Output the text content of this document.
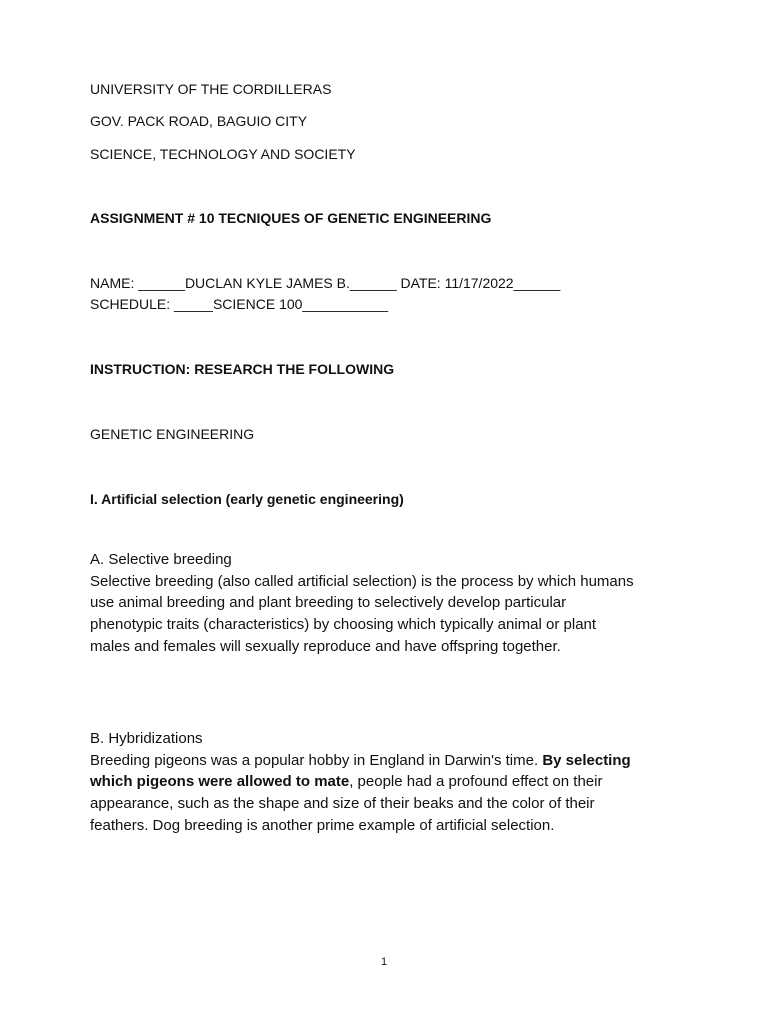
UNIVERSITY OF THE CORDILLERAS
GOV. PACK ROAD, BAGUIO CITY
SCIENCE, TECHNOLOGY AND SOCIETY
ASSIGNMENT # 10 TECNIQUES OF GENETIC ENGINEERING
NAME: ______DUCLAN KYLE JAMES B.______ DATE: 11/17/2022______
SCHEDULE: _____SCIENCE 100___________
INSTRUCTION: RESEARCH THE FOLLOWING
GENETIC ENGINEERING
I. Artificial selection (early genetic engineering)
A. Selective breeding
Selective breeding (also called artificial selection) is the process by which humans
use animal breeding and plant breeding to selectively develop particular
phenotypic traits (characteristics) by choosing which typically animal or plant
males and females will sexually reproduce and have offspring together.
B. Hybridizations
Breeding pigeons was a popular hobby in England in Darwin's time. By selecting
which pigeons were allowed to mate, people had a profound effect on their
appearance, such as the shape and size of their beaks and the color of their
feathers. Dog breeding is another prime example of artificial selection.
1
